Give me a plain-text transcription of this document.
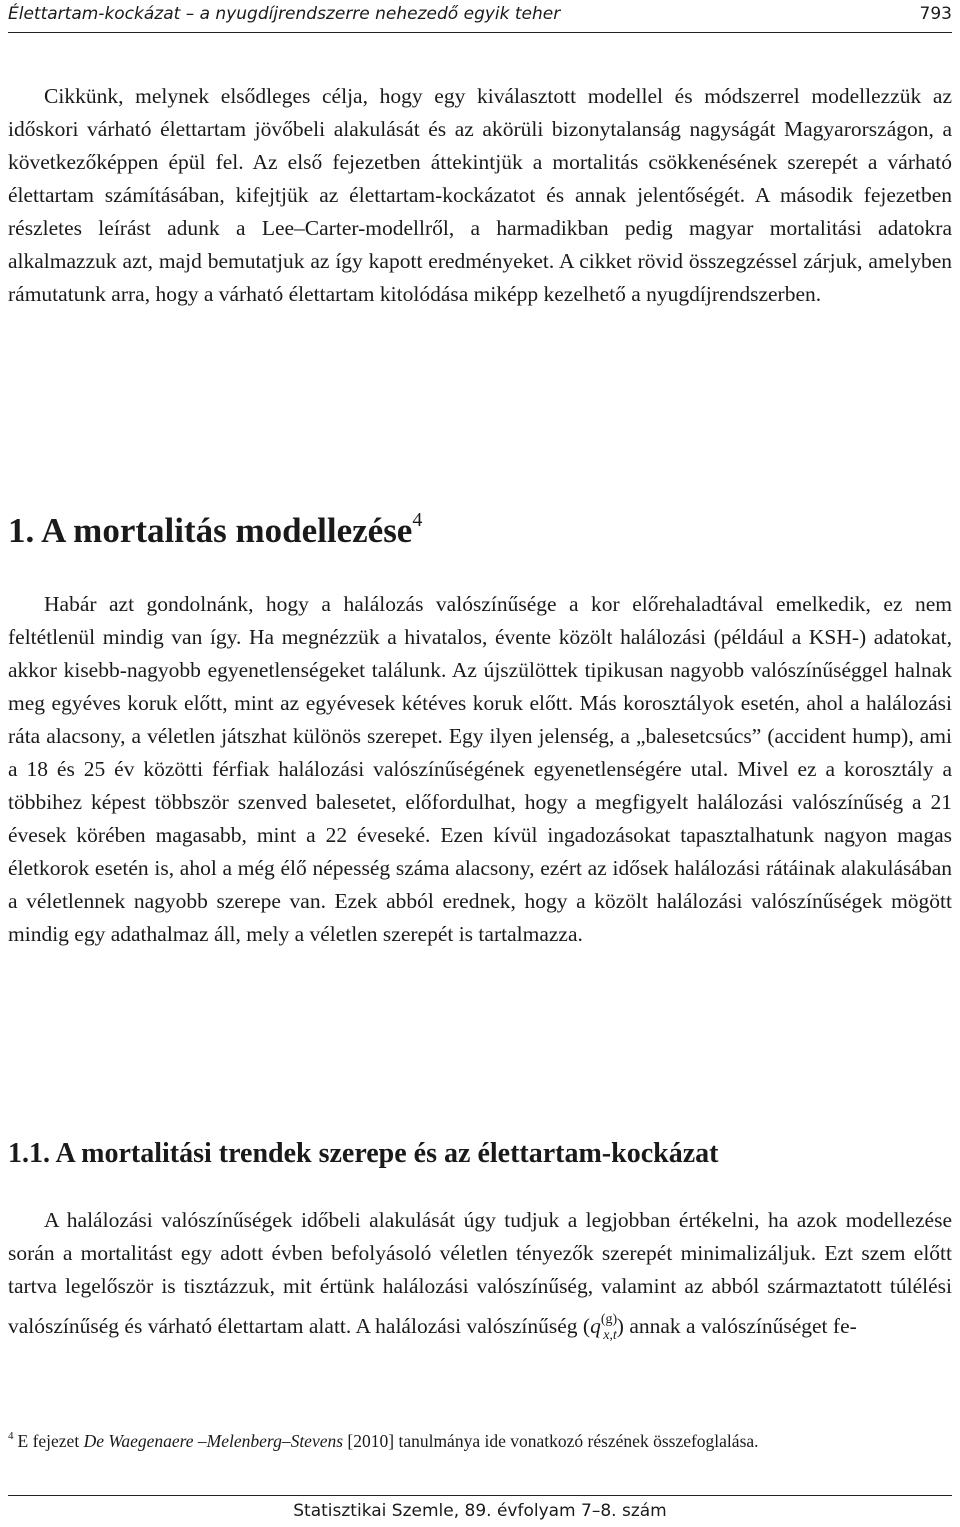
Élettartam-kockázat – a nyugdíjrendszerre nehezedő egyik teher	793

Cikkünk, melynek elsődleges célja, hogy egy kiválasztott modellel és módszerrel modellezzük az időskori várható élettartam jövőbeli alakulását és az akörüli bizonytalanság nagyságát Magyarországon, a következőképpen épül fel. Az első fejezetben áttekintjük a mortalitás csökkenésének szerepét a várható élettartam számításában, kifejtjük az élettartam-kockázatot és annak jelentőségét. A második fejezetben részletes leírást adunk a Lee–Carter-modellről, a harmadikban pedig magyar mortalitási adatokra alkalmazzuk azt, majd bemutatjuk az így kapott eredményeket. A cikket rövid összegzéssel zárjuk, amelyben rámutatunk arra, hogy a várható élettartam kitolódása miképp kezelhető a nyugdíjrendszerben.

1. A mortalitás modellezése$^4$

Habár azt gondolnánk, hogy a halálozás valószínűsége a kor előrehaladtával emelkedik, ez nem feltétlenül mindig van így. Ha megnézzük a hivatalos, évente közölt halálozási (például a KSH-) adatokat, akkor kisebb-nagyobb egyenetlenségeket találunk. Az újszülöttek tipikusan nagyobb valószínűséggel halnak meg egyéves koruk előtt, mint az egyévesek kétéves koruk előtt. Más korosztályok esetén, ahol a halálozási ráta alacsony, a véletlen játszhat különös szerepet. Egy ilyen jelenség, a „balesetcsúcs” (accident hump), ami a 18 és 25 év közötti férfiak halálozási valószínűségének egyenetlenségére utal. Mivel ez a korosztály a többihez képest többször szenved balesetet, előfordulhat, hogy a megfigyelt halálozási valószínűség a 21 évesek körében magasabb, mint a 22 éveseké. Ezen kívül ingadozásokat tapasztalhatunk nagyon magas életkorok esetén is, ahol a még élő népesség száma alacsony, ezért az idősek halálozási rátáinak alakulásában a véletlennek nagyobb szerepe van. Ezek abból erednek, hogy a közölt halálozási valószínűségek mögött mindig egy adathalmaz áll, mely a véletlen szerepét is tartalmazza.

1.1. A mortalitási trendek szerepe és az élettartam-kockázat

A halálozási valószínűségek időbeli alakulását úgy tudjuk a legjobban értékelni, ha azok modellezése során a mortalitást egy adott évben befolyásoló véletlen tényezők szerepét minimalizáljuk. Ezt szem előtt tartva legelőször is tisztázzuk, mit értünk halálozási valószínűség, valamint az abból származtatott túlélési valószínűség és várható élettartam alatt. A halálozási valószínűség $(q^{(g)}_{x,t})$ annak a valószínűséget fe-

$^4$ E fejezet De Waegenaere –Melenberg–Stevens [2010] tanulmánya ide vonatkozó részének összefoglalása.

Statisztikai Szemle, 89. évfolyam 7–8. szám
